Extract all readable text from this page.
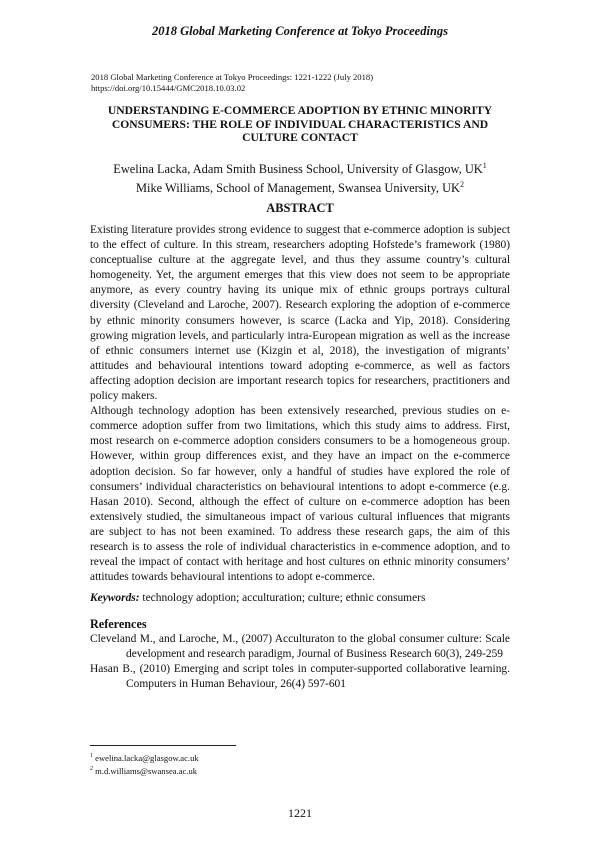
2018 Global Marketing Conference at Tokyo Proceedings
2018 Global Marketing Conference at Tokyo Proceedings: 1221-1222 (July 2018)
https://doi.org/10.15444/GMC2018.10.03.02
UNDERSTANDING E-COMMERCE ADOPTION BY ETHNIC MINORITY CONSUMERS: THE ROLE OF INDIVIDUAL CHARACTERISTICS AND CULTURE CONTACT
Ewelina Lacka, Adam Smith Business School, University of Glasgow, $UK^1$
Mike Williams, School of Management, Swansea University, $UK^2$
ABSTRACT

Existing literature provides strong evidence to suggest that e-commerce adoption is subject to the effect of culture. In this stream, researchers adopting Hofstede’s framework (1980) conceptualise culture at the aggregate level, and thus they assume country’s cultural homogeneity. Yet, the argument emerges that this view does not seem to be appropriate anymore, as every country having its unique mix of ethnic groups portrays cultural diversity (Cleveland and Laroche, 2007). Research exploring the adoption of e-commerce by ethnic minority consumers however, is scarce (Lacka and Yip, 2018). Considering growing migration levels, and particularly intra-European migration as well as the increase of ethnic consumers internet use (Kizgin et al, 2018), the investigation of migrants’ attitudes and behavioural intentions toward adopting e-commerce, as well as factors affecting adoption decision are important research topics for researchers, practitioners and policy makers.

Although technology adoption has been extensively researched, previous studies on e-commerce adoption suffer from two limitations, which this study aims to address. First, most research on e-commerce adoption considers consumers to be a homogeneous group. However, within group differences exist, and they have an impact on the e-commerce adoption decision. So far however, only a handful of studies have explored the role of consumers’ individual characteristics on behavioural intentions to adopt e-commerce (e.g. Hasan 2010). Second, although the effect of culture on e-commerce adoption has been extensively studied, the simultaneous impact of various cultural influences that migrants are subject to has not been examined. To address these research gaps, the aim of this research is to assess the role of individual characteristics in e-commence adoption, and to reveal the impact of contact with heritage and host cultures on ethnic minority consumers’ attitudes towards behavioural intentions to adopt e-commerce.

Keywords: technology adoption; acculturation; culture; ethnic consumers
References

Cleveland M., and Laroche, M., (2007) Acculturaton to the global consumer culture: Scale development and research paradigm, Journal of Business Research 60(3), 249-259

Hasan B., (2010) Emerging and script toles in computer-supported collaborative learning. Computers in Human Behaviour, 26(4) 597-601

$^1$ ewelina.lacka@glasgow.ac.uk
$^2$ m.d.williams@swansea.ac.uk
1221
